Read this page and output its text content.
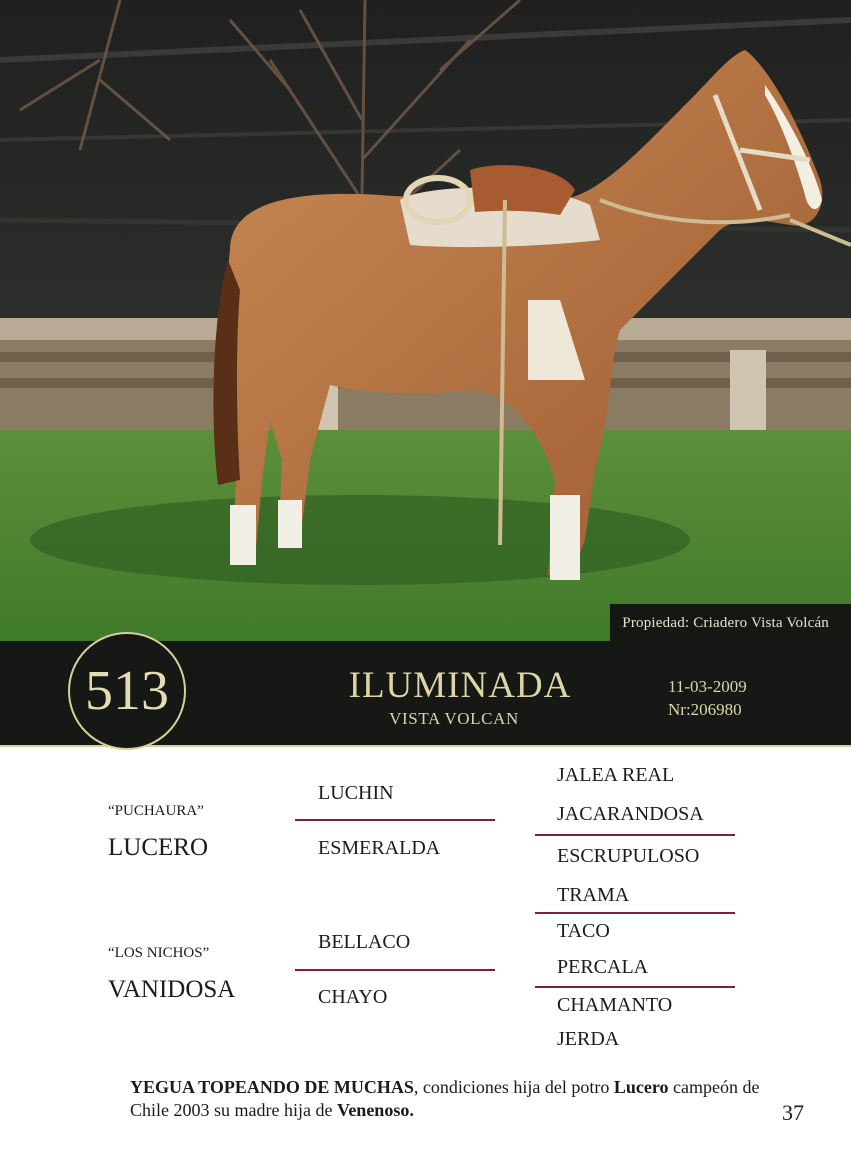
Propiedad: Criadero Vista Volcán
513	ILUMINADA
VISTA VOLCAN
11-03-2009
Nr:206980
“PUCHAURA”
LUCERO
“LOS NICHOS”
VANIDOSA
LUCHIN
ESMERALDA
BELLACO
CHAYO
JALEA REAL
JACARANDOSA
ESCRUPULOSO
TRAMA
TACO
PERCALA
CHAMANTO
JERDA
YEGUA TOPEANDO DE MUCHAS, condiciones hija del potro Lucero campeón de Chile 2003 su madre hija de Venenoso.	37
